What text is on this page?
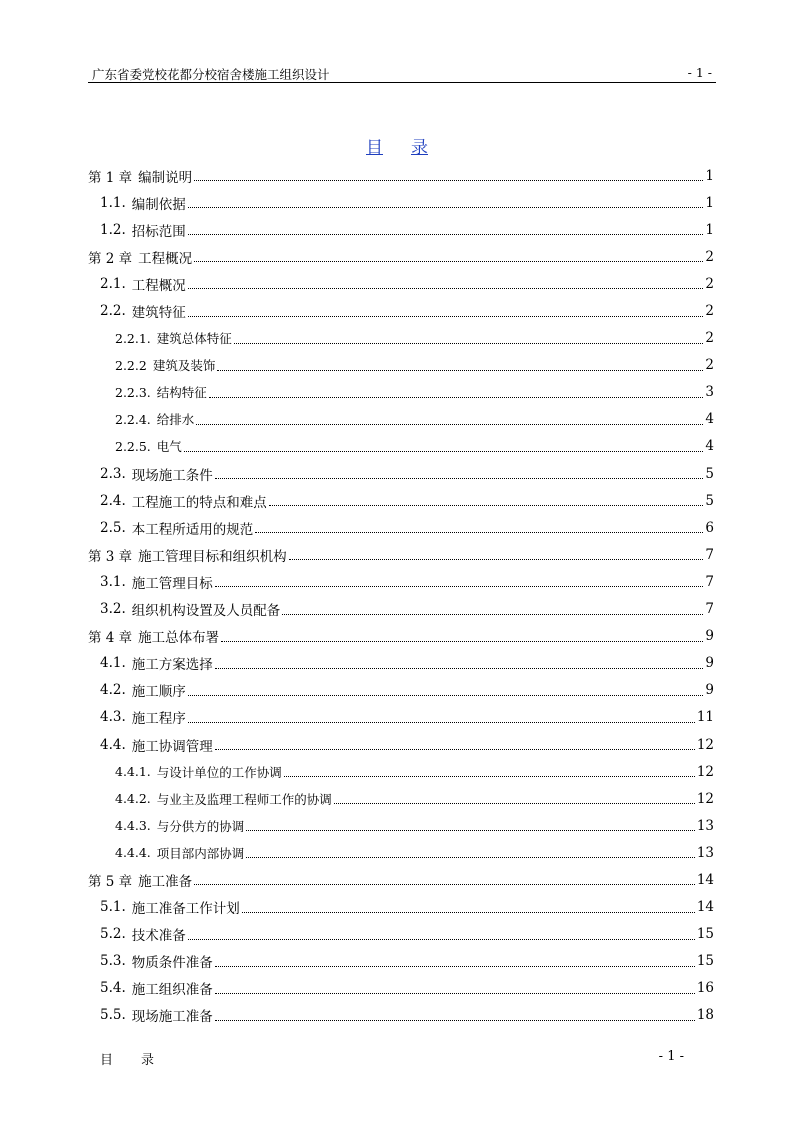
广东省委党校花都分校宿舍楼施工组织设计	- 1 -
目 录
第 1 章 编制说明	1
1.1. 编制依据	1
1.2. 招标范围	1
第 2 章 工程概况	2
2.1. 工程概况	2
2.2. 建筑特征	2
2.2.1. 建筑总体特征	2
2.2.2 建筑及装饰	2
2.2.3. 结构特征	3
2.2.4. 给排水	4
2.2.5. 电气	4
2.3. 现场施工条件	5
2.4. 工程施工的特点和难点	5
2.5. 本工程所适用的规范	6
第 3 章 施工管理目标和组织机构	7
3.1. 施工管理目标	7
3.2. 组织机构设置及人员配备	7
第 4 章 施工总体布署	9
4.1. 施工方案选择	9
4.2. 施工顺序	9
4.3. 施工程序	11
4.4. 施工协调管理	12
4.4.1. 与设计单位的工作协调	12
4.4.2. 与业主及监理工程师工作的协调	12
4.4.3. 与分供方的协调	13
4.4.4. 项目部内部协调	13
第 5 章 施工准备	14
5.1. 施工准备工作计划	14
5.2. 技术准备	15
5.3. 物质条件准备	15
5.4. 施工组织准备	16
5.5. 现场施工准备	18
目 录	- 1 -
